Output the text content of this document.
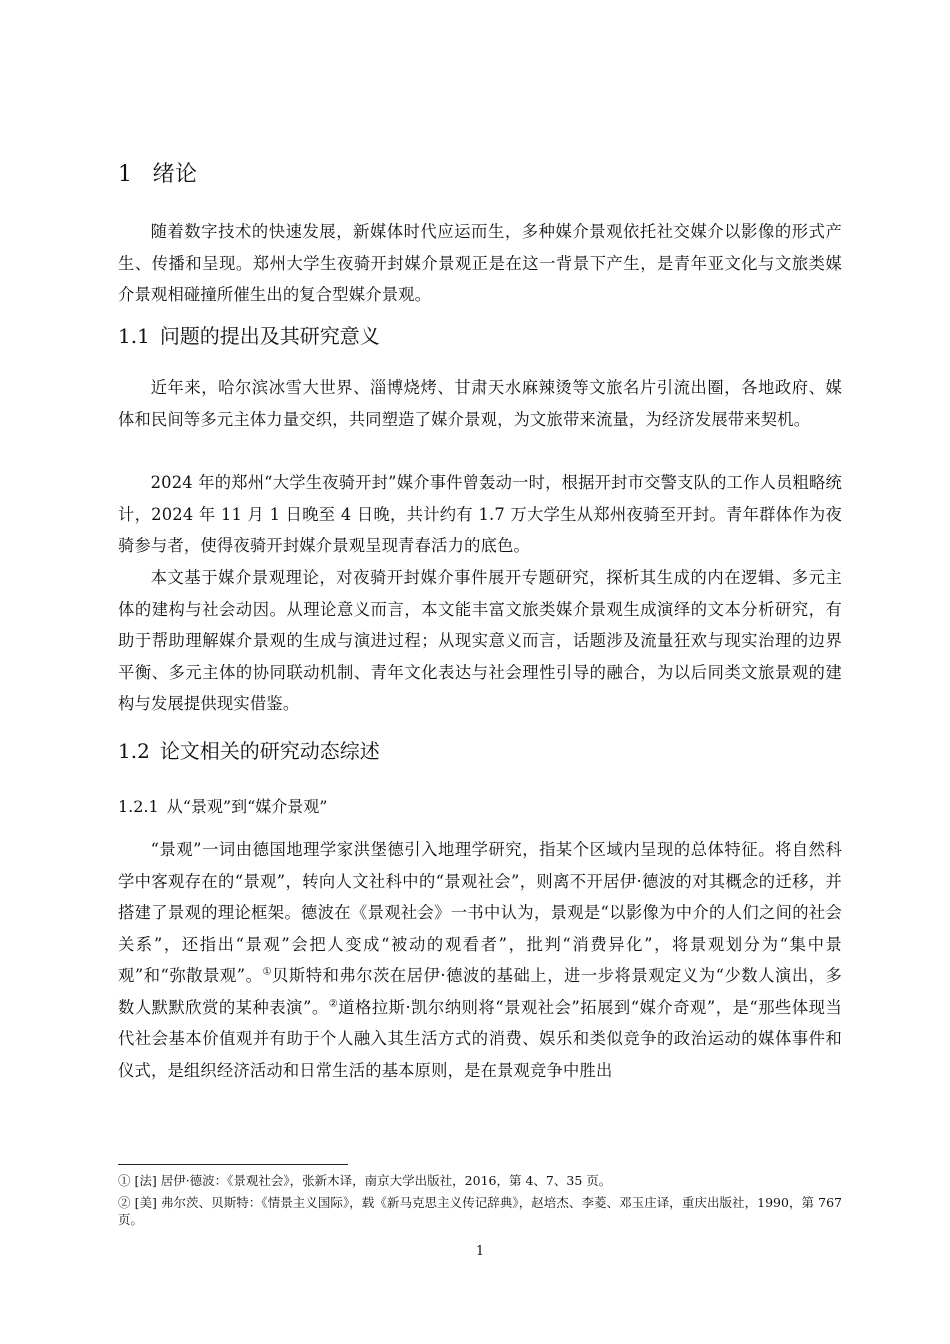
1 绪论

随着数字技术的快速发展，新媒体时代应运而生，多种媒介景观依托社交媒介以影像的形式产生、传播和呈现。郑州大学生夜骑开封媒介景观正是在这一背景下产生，是青年亚文化与文旅类媒介景观相碰撞所催生出的复合型媒介景观。

1.1 问题的提出及其研究意义

近年来，哈尔滨冰雪大世界、淄博烧烤、甘肃天水麻辣烫等文旅名片引流出圈，各地政府、媒体和民间等多元主体力量交织，共同塑造了媒介景观，为文旅带来流量，为经济发展带来契机。

2024 年的郑州“大学生夜骑开封”媒介事件曾轰动一时，根据开封市交警支队的工作人员粗略统计，2024 年 11 月 1 日晚至 4 日晚，共计约有 1.7 万大学生从郑州夜骑至开封。青年群体作为夜骑参与者，使得夜骑开封媒介景观呈现青春活力的底色。

本文基于媒介景观理论，对夜骑开封媒介事件展开专题研究，探析其生成的内在逻辑、多元主体的建构与社会动因。从理论意义而言，本文能丰富文旅类媒介景观生成演绎的文本分析研究，有助于帮助理解媒介景观的生成与演进过程；从现实意义而言，话题涉及流量狂欢与现实治理的边界平衡、多元主体的协同联动机制、青年文化表达与社会理性引导的融合，为以后同类文旅景观的建构与发展提供现实借鉴。

1.2 论文相关的研究动态综述
1.2.1 从“景观”到“媒介景观”

“景观”一词由德国地理学家洪堡德引入地理学研究，指某个区域内呈现的总体特征。将自然科学中客观存在的“景观”，转向人文社科中的“景观社会”，则离不开居伊·德波的对其概念的迁移，并搭建了景观的理论框架。德波在《景观社会》一书中认为，景观是“以影像为中介的人们之间的社会关系”，还指出“景观”会把人变成“被动的观看者”，批判“消费异化”，将景观划分为“集中景观”和“弥散景观”。①贝斯特和弗尔茨在居伊·德波的基础上，进一步将景观定义为“少数人演出，多数人默默欣赏的某种表演”。②道格拉斯·凯尔纳则将“景观社会”拓展到“媒介奇观”，是“那些体现当代社会基本价值观并有助于个人融入其生活方式的消费、娱乐和类似竞争的政治运动的媒体事件和仪式，是组织经济活动和日常生活的基本原则，是在景观竞争中胜出

① [法] 居伊·德波：《景观社会》，张新木译，南京大学出版社，2016，第 4、7、35 页。

② [美] 弗尔茨、贝斯特：《情景主义国际》，载《新马克思主义传记辞典》，赵培杰、李菱、邓玉庄译，重庆出版社，1990，第 767 页。

1
